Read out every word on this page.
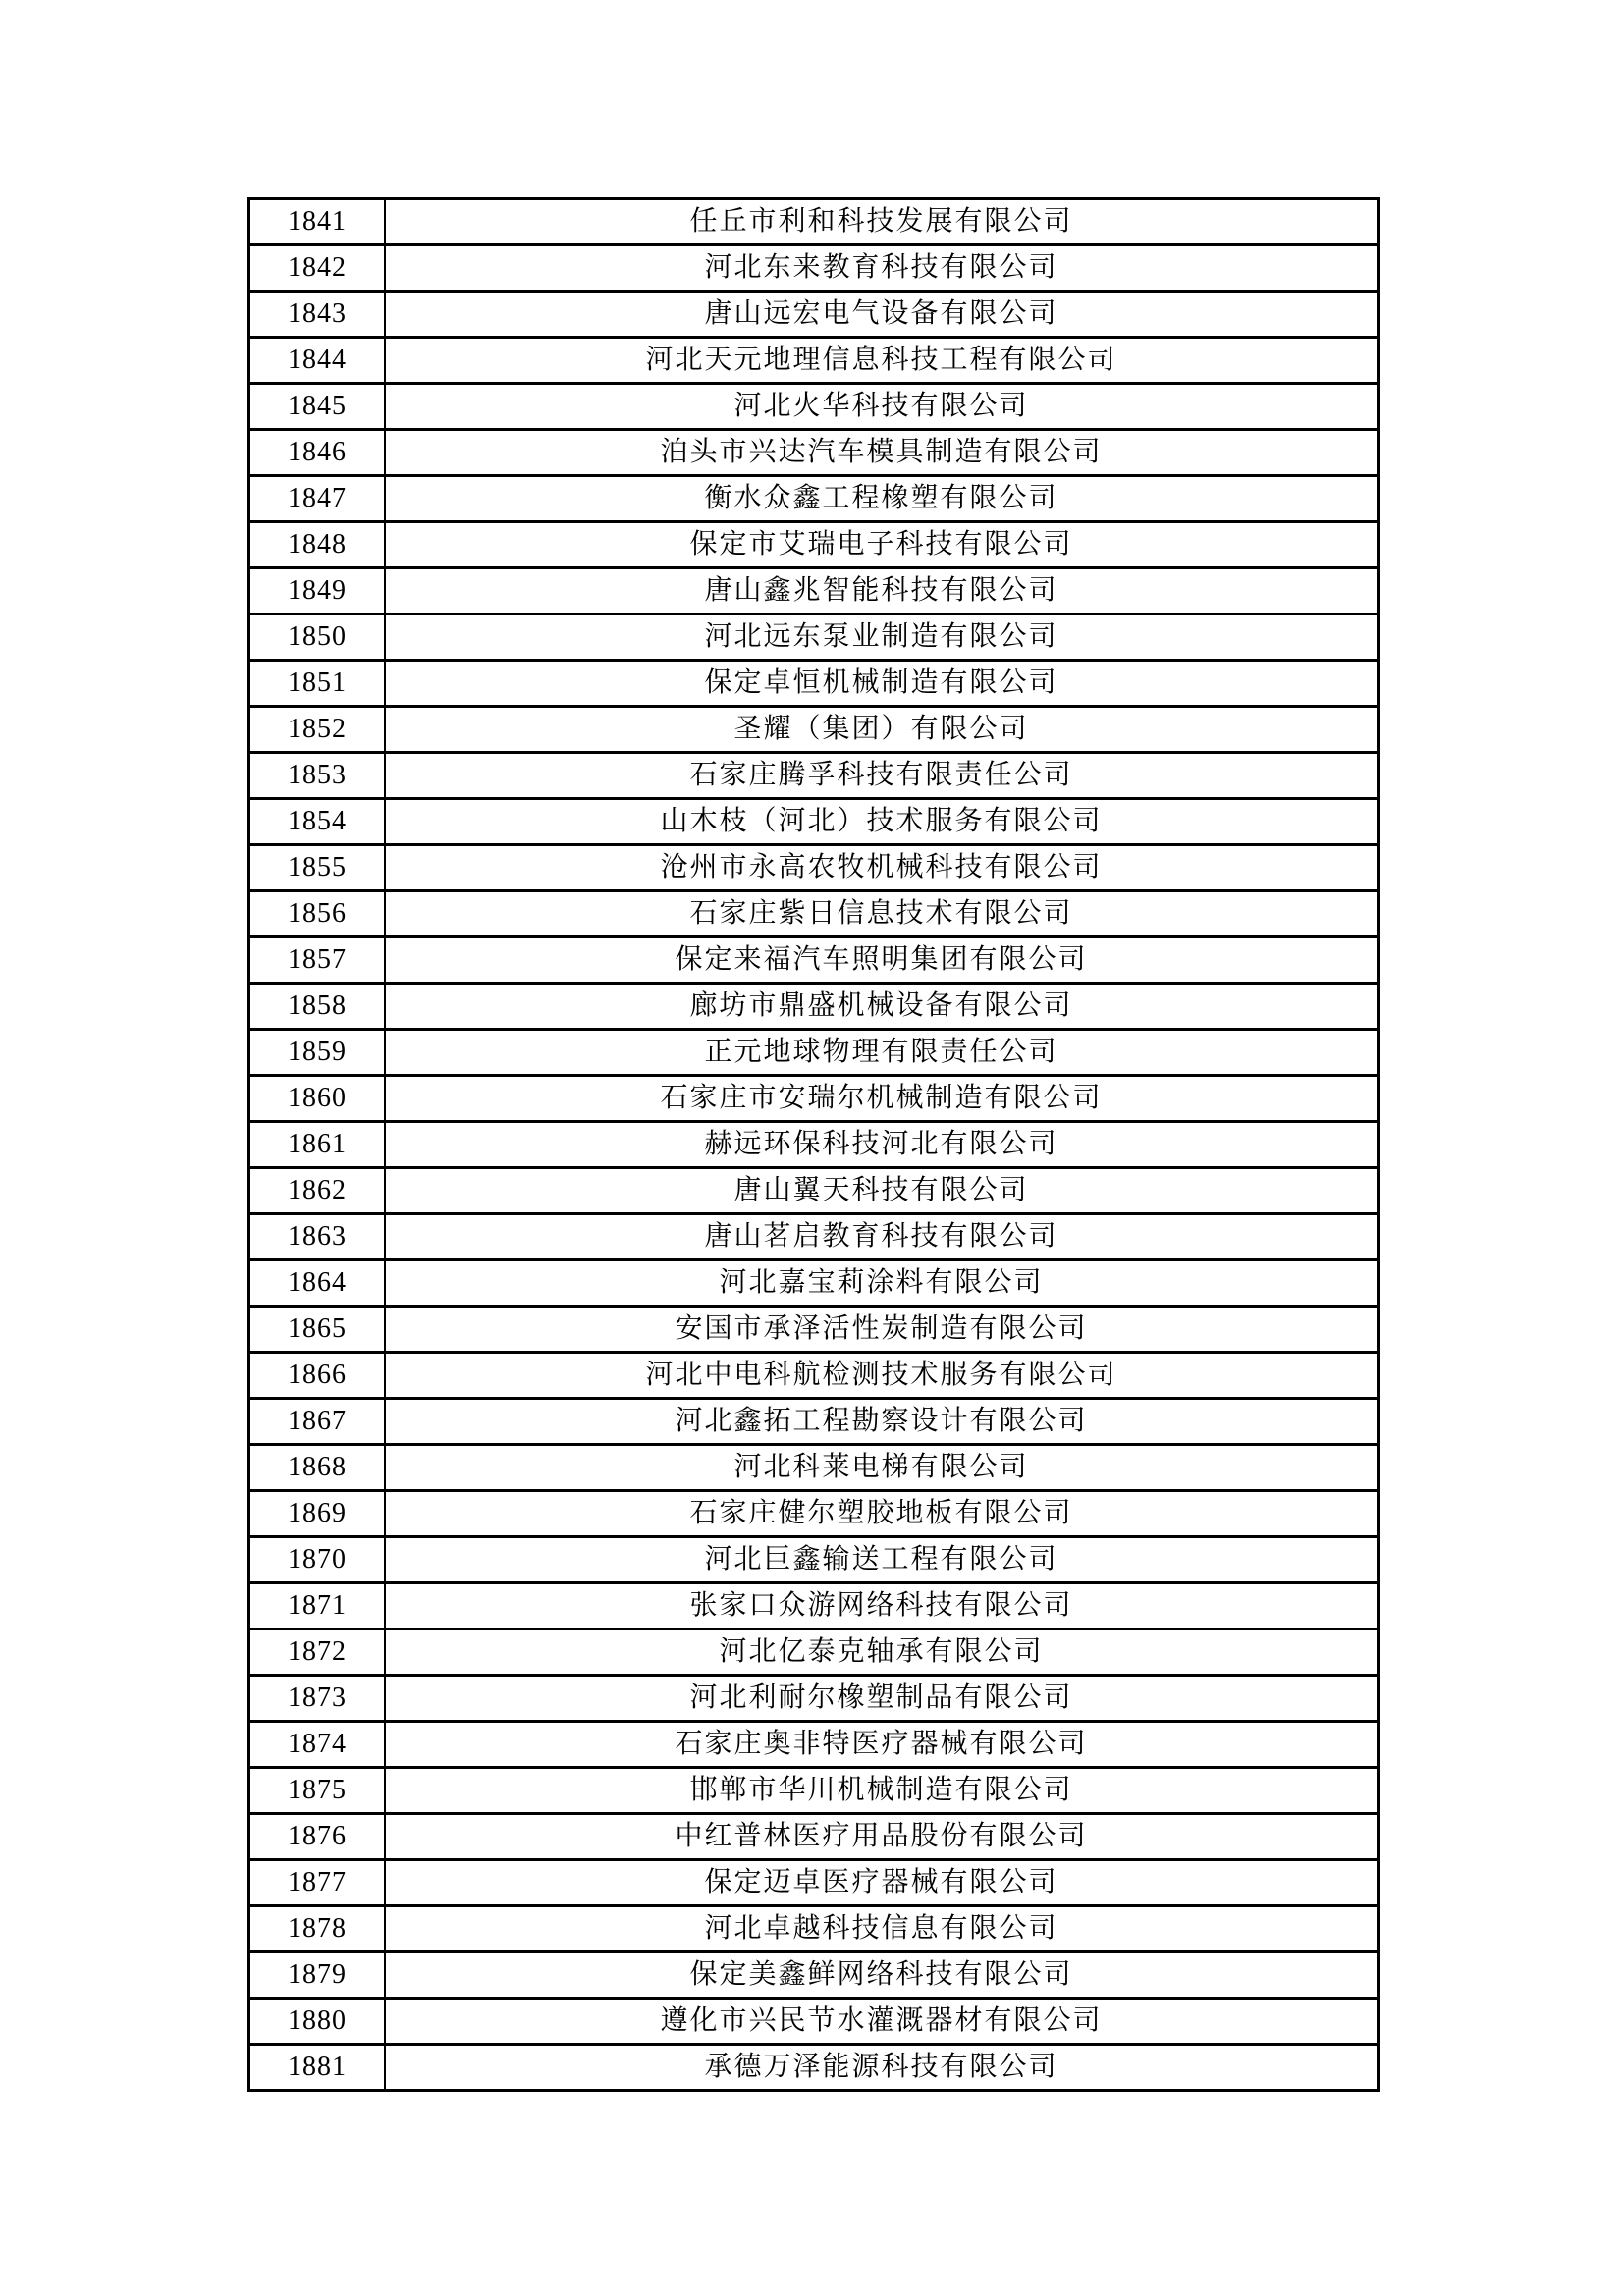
1841	任丘市利和科技发展有限公司
1842	河北东来教育科技有限公司
1843	唐山远宏电气设备有限公司
1844	河北天元地理信息科技工程有限公司
1845	河北火华科技有限公司
1846	泊头市兴达汽车模具制造有限公司
1847	衡水众鑫工程橡塑有限公司
1848	保定市艾瑞电子科技有限公司
1849	唐山鑫兆智能科技有限公司
1850	河北远东泵业制造有限公司
1851	保定卓恒机械制造有限公司
1852	圣耀（集团）有限公司
1853	石家庄腾孚科技有限责任公司
1854	山木枝（河北）技术服务有限公司
1855	沧州市永高农牧机械科技有限公司
1856	石家庄紫日信息技术有限公司
1857	保定来福汽车照明集团有限公司
1858	廊坊市鼎盛机械设备有限公司
1859	正元地球物理有限责任公司
1860	石家庄市安瑞尔机械制造有限公司
1861	赫远环保科技河北有限公司
1862	唐山翼天科技有限公司
1863	唐山茗启教育科技有限公司
1864	河北嘉宝莉涂料有限公司
1865	安国市承泽活性炭制造有限公司
1866	河北中电科航检测技术服务有限公司
1867	河北鑫拓工程勘察设计有限公司
1868	河北科莱电梯有限公司
1869	石家庄健尔塑胶地板有限公司
1870	河北巨鑫输送工程有限公司
1871	张家口众游网络科技有限公司
1872	河北亿泰克轴承有限公司
1873	河北利耐尔橡塑制品有限公司
1874	石家庄奥非特医疗器械有限公司
1875	邯郸市华川机械制造有限公司
1876	中红普林医疗用品股份有限公司
1877	保定迈卓医疗器械有限公司
1878	河北卓越科技信息有限公司
1879	保定美鑫鲜网络科技有限公司
1880	遵化市兴民节水灌溉器材有限公司
1881	承德万泽能源科技有限公司
